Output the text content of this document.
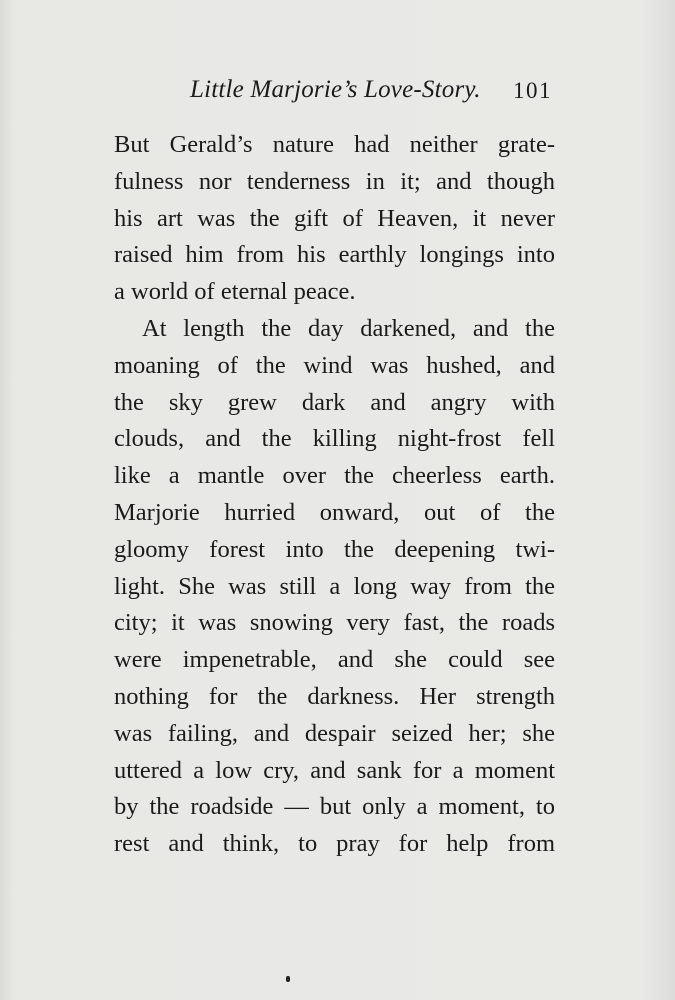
Little Marjorie’s Love-Story. 101
But Gerald’s nature had neither grate-
fulness nor tenderness in it; and though
his art was the gift of Heaven, it never
raised him from his earthly longings into
a world of eternal peace.
At length the day darkened, and the
moaning of the wind was hushed, and
the sky grew dark and angry with
clouds, and the killing night-frost fell
like a mantle over the cheerless earth.
Marjorie hurried onward, out of the
gloomy forest into the deepening twi-
light. She was still a long way from the
city; it was snowing very fast, the roads
were impenetrable, and she could see
nothing for the darkness. Her strength
was failing, and despair seized her; she
uttered a low cry, and sank for a moment
by the roadside — but only a moment, to
rest and think, to pray for help from
